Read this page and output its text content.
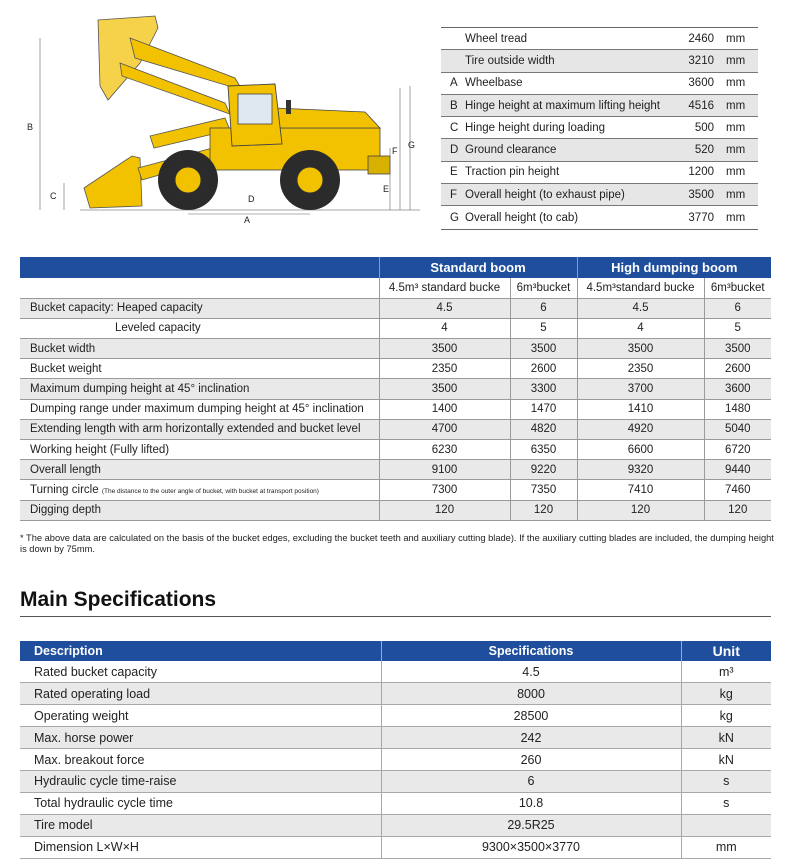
B
C	D
A
E
F
G
Wheel tread	2460	mm
Tire outside width	3210	mm
A Wheelbase	3600	mm
B Hinge height at maximum lifting height	4516	mm
C Hinge height during loading	500	mm
D Ground clearance	520	mm
E Traction pin height	1200	mm
F Overall height (to exhaust pipe)	3500	mm
G Overall height (to cab)	3770	mm
	Standard boom		High dumping boom	
	4.5m³ standard bucke	6m³bucket	4.5m³standard bucke	6m³bucket
Bucket capacity: Heaped capacity	4.5	6	4.5	6
Leveled capacity	4	5	4	5
Bucket width	3500	3500	3500	3500
Bucket weight	2350	2600	2350	2600
Maximum dumping height at 45° inclination	3500	3300	3700	3600
Dumping range under maximum dumping height at 45° inclination	1400	1470	1410	1480
Extending length with arm horizontally extended and bucket level	4700	4820	4920	5040
Working height (Fully lifted)	6230	6350	6600	6720
Overall length	9100	9220	9320	9440
Turning circle (The distance to the outer angle of bucket, with bucket at transport position)	7300	7350	7410	7460
Digging depth	120	120	120	120
* The above data are calculated on the basis of the bucket edges, excluding the bucket teeth and auxiliary cutting blade). If the auxiliary cutting blades are included, the dumping height is down by 75mm.
Main Specifications
Description	Specifications	Unit
Rated bucket capacity	4.5	m³
Rated operating load	8000	kg
Operating weight	28500	kg
Max. horse power	242	kN
Max. breakout force	260	kN
Hydraulic cycle time-raise	6	s
Total hydraulic cycle time	10.8	s
Tire model	29.5R25	
Dimension L×W×H	9300×3500×3770	mm
